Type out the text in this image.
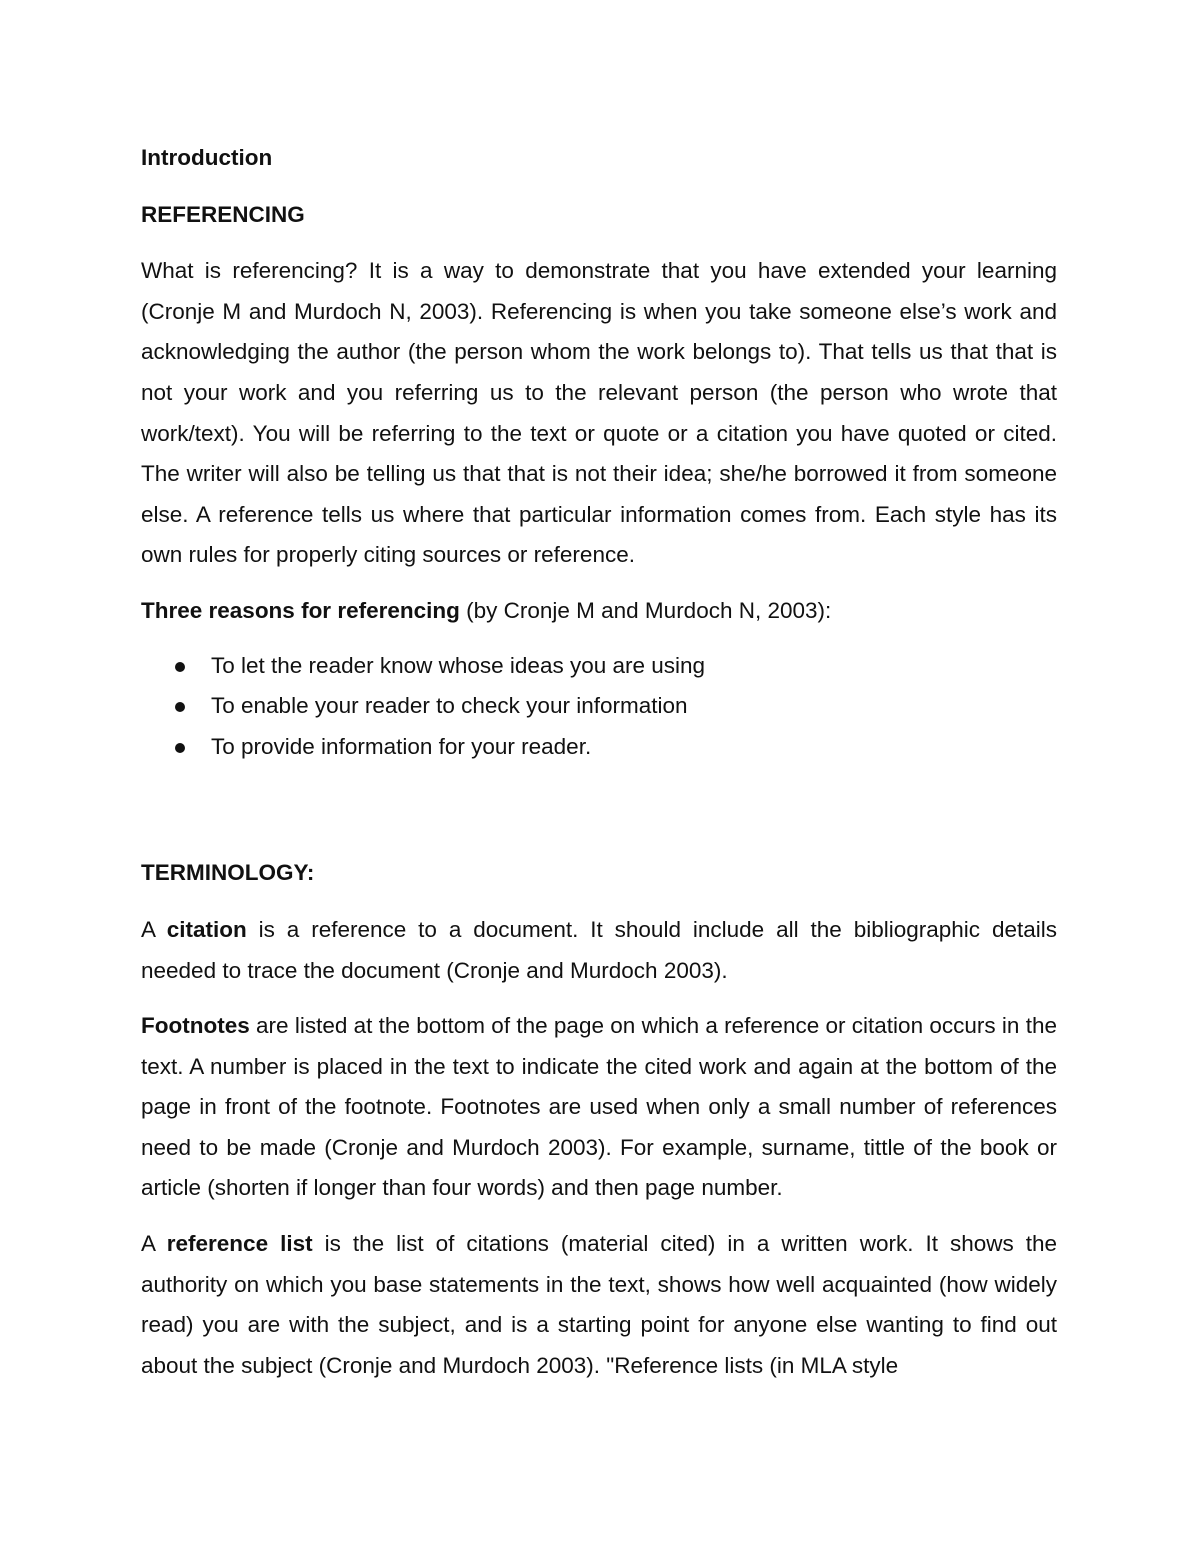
Introduction
REFERENCING

What is referencing? It is a way to demonstrate that you have extended your learning (Cronje M and Murdoch N, 2003). Referencing is when you take someone else’s work and acknowledging the author (the person whom the work belongs to). That tells us that that is not your work and you referring us to the relevant person (the person who wrote that work/text). You will be referring to the text or quote or a citation you have quoted or cited. The writer will also be telling us that that is not their idea; she/he borrowed it from someone else. A reference tells us where that particular information comes from. Each style has its own rules for properly citing sources or reference.

Three reasons for referencing (by Cronje M and Murdoch N, 2003):

To let the reader know whose ideas you are using
To enable your reader to check your information
To provide information for your reader.
TERMINOLOGY:

A citation is a reference to a document. It should include all the bibliographic details needed to trace the document (Cronje and Murdoch 2003).

Footnotes are listed at the bottom of the page on which a reference or citation occurs in the text. A number is placed in the text to indicate the cited work and again at the bottom of the page in front of the footnote. Footnotes are used when only a small number of references need to be made (Cronje and Murdoch 2003). For example, surname, tittle of the book or article (shorten if longer than four words) and then page number.

A reference list is the list of citations (material cited) in a written work. It shows the authority on which you base statements in the text, shows how well acquainted (how widely read) you are with the subject, and is a starting point for anyone else wanting to find out about the subject (Cronje and Murdoch 2003). "Reference lists (in MLA style
